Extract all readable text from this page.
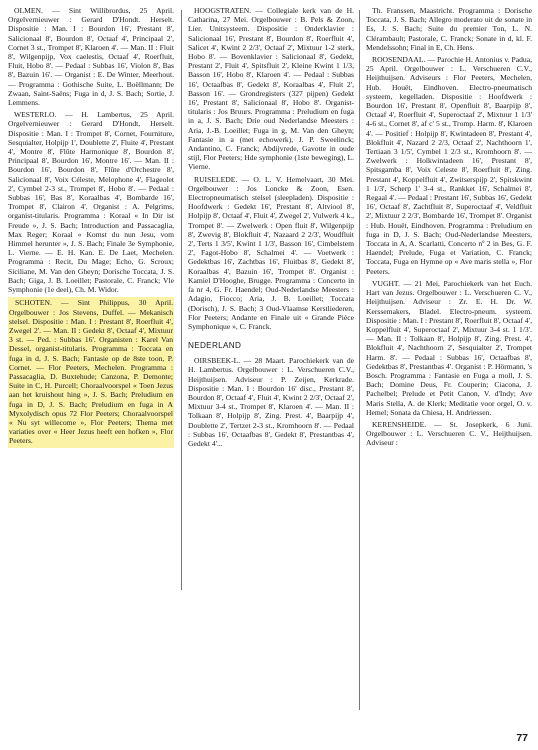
OLMEN. — Sint Willibrordus, 25 April. Orgelvernieuwer : Gerard D'Hondt. Herselt. Dispositie : Man. I : Bourdon 16', Prestant 8', Salicionaal 8', Bourdon 8', Octaaf 4', Principaal 2', Cornet 3 st., Trompet 8', Klaroen 4'. — Man. II : Fluit 8', Wilgenpijp, Vox caelestis, Octaaf 4', Roerfluit, Fluit, Hobo 8'. — Pedaal : Subbas 16', Violon 8', Bas 8', Bazuin 16'. — Organist : E. De Winter, Meerhout. — Programma : Gothische Suite, L. Boëllmann; De Zwaan, Saint-Saëns; Fuga in d, J. S. Bach; Sortie, J. Lemmens.
WESTERLO. — H. Lambertus, 25 April. Orgelvernieuwer : Gerard D'Hondt, Herselt. Dispositie : Man. I : Trompet 8', Cornet, Fourniture, Sesquialter, Holpijp 1', Doublette 2', Fluite 4', Prestant 4', Montre 8', Flûte Harmonique 8', Bourdon 8', Principaal 8', Bourdon 16', Montre 16'. — Man. II : Bourdon 16', Bourdon 8', Flûte d'Orchestre 8', Salicionaal 8', Voix Céleste, Melophone 4', Flageolet 2', Cymbel 2-3 st., Trompet 8', Hobo 8'. — Pedaal : Subbas 16', Bas 8', Koraalbas 4', Bombarde 16', Trompet 8', Clairon 4'. Organist : A. Pelgrims, organist-titularis. Programma : Koraal « In Dir ist Freude », J. S. Bach; Introduction and Passacaglia, Max Reger; Koraal « Komst du nun Jesu, vom Himmel herunter », J. S. Bach; Finale 3e Symphonie, L. Vierne. — E. H. Kan. E. De Laet, Mechelen. Programma : Recit, Du Mage; Echo, G. Scroux; Siciliane, M. Van den Gheyn; Dorische Toccata, J. S. Bach; Giga, J. B. Loeillet; Pastorale, C. Franck; Vle Symphonie (1e deel), Ch. M. Widor.
SCHOTEN. — Sint Philippus, 30 April. Orgelbouwer : Jos Stevens, Duffel. — Mekanisch stelsel. Dispositie : Man. I : Prestant 8', Roerfluit 4', Zwegel 2'. — Man. II : Gedekt 8', Octaaf 4', Mixtuur 3 st. — Ped. : Subbas 16'. Organisten : Karel Van Dessel, organist-titularis. Programma : Toccata en fuga in d, J. S. Bach; Fantasie op de 8ste toon, P. Cornet. — Flor Peeters, Mechelen. Programma : Passacaglia, D. Buxtehude; Canzona, P. Demonte; Suite in C, H. Purcell; Choraalvoorspel « Toen Jezus aan het kruishout hing », J. S. Bach; Preludium en fuga in D, J. S. Bach; Preludium en fuga in A Myxolydisch opus 72 Flor Peeters; Choraalvoorspel « Nu syt willecome », Flor Peeters; Thema met variaties over « Heer Jezus heeft een hofken », Flor Peeters.
HOOGSTRATEN. — Collegiale kerk van de H. Catharina, 27 Mei. Orgelbouwer : B. Pels & Zoon, Lier. Unitsysteem. Dispositie : Onderklavier : Salicionaal 16', Prestant 8', Bourdon 8', Roerfluit 4', Salicet 4', Kwint 2 2/3', Octaaf 2', Mixtuur 1-2 sterk, Hobo 8'. — Bovenklavier : Salicionaal 8', Gedekt, Prestant 2', Fluit 4', Spitsfluit 2', Kleine Kwint 1 1/3, Basson 16', Hobo 8', Klaroen 4'. — Pedaal : Subbas 16', Octaafbas 8', Gedekt 8', Koraalbas 4', Fluit 2', Basson 16'. — Grondregisters (327 pijpen) Gedekt 16', Prestant 8', Salicionaal 8', Hobo 8'. Organist-titularis : Jos Bruurs. Programma : Preludium en fuga in a, J. S. Bach; Drie oud Nederlandse Meesters : Aria, J.-B. Loeillet; Fuga in g, M. Van den Gheyn; Fantasie in a (met echowerk), J. P. Sweelinck; Andantino, C. Franck; Abdijvrede, Gavotte in oude stijl, Flor Peeters; Hde symphonie (1ste beweging), L. Vierne.
RUISELEDE. — O. L. V. Hemelvaart, 30 Mei. Orgelbouwer : Jos Loncke & Zoon, Esen. Electropneumatisch stelsel (sleepladen). Dispositie : Hoofdwerk : Gedekt 16', Prestant 8', Altviool 8', Holpijp 8', Octaaf 4', Fluit 4', Zwegel 2', Vulwerk 4 k., Trompet 8'. — Zwelwerk : Open fluit 8', Wilgenpijp 8', Zwevig 8', Blokfluit 4', Nazaard 2 2/3', Woudfluit 2', Terts 1 3/5', Kwint 1 1/3', Basson 16', Cimbelstem 2', Fagot-Hobo 8', Schalmei 4'. — Voetwerk : Gedektbas 16', Zachtbas 16', Fluitbas 8', Gedekt 8', Koraalbas 4', Bazuin 16', Trompet 8'. Organist : Kamiel D'Hooghe, Brugge. Programma : Concerto in fa nr 4, G. Fr. Haendel; Oud-Nederlandse Meesters : Adagio, Fiocco; Aria, J. B. Loeillet; Toccata (Dorisch), J. S. Bach; 3 Oud-Vlaamse Kerstliederen, Flor Peeters; Andante en Finale uit « Grande Pièce Symphonique », C. Franck.
NEDERLAND
OIRSBEEK-L. — 28 Maart. Parochiekerk van de H. Lambertus. Orgelbouwer : L. Verschueren C.V., Heijthuijsen. Adviseur : P. Zeijen, Kerkrade. Dispositie : Man. I : Bourdon 16' disc., Prestant 8', Bourdon 8', Octaaf 4', Fluit 4', Kwint 2 2/3', Octaaf 2', Mixtuur 3-4 st., Trompet 8', Klaroen 4'. — Man. II : Tolkaan 8', Holpijp 8', Zing. Prest. 4', Baarpijp 4', Doublette 2', Tertzet 2-3 st., Kromhoorn 8'. — Pedaal : Subbas 16', Octaafbas 8', Gedekt 8', Prestantbas 4', Gedekt 4'...
Th. Franssen, Maastricht. Programma : Dorische Toccata, J. S. Bach; Allegro moderato uit de sonate in Es, J. S. Bach; Suite du premier Ton, L. N. Clérambault; Pastorale, C. Franck; Sonate in d, kl. F. Mendelssohn; Final in E, Ch. Hens.
ROOSENDAAL. — Parochie H. Antonius v. Padua, 25 April. Orgelbouwer : L. Verschueren C.V., Heijthuijsen. Adviseurs : Flor Peeters, Mechelen, Hub. Houët, Eindhoven. Electro-pneumatisch systeem, kegelladen. Dispositie : Hoofdwerk : Bourdon 16', Prestant 8', Openfluit 8', Baarpijp 8', Octaaf 4', Roerfluit 4', Superoctaaf 2', Mixtuur 1 1/3' 4-6 st., Cornet 8', af c' 5 st., Tromp. Harm. 8', Klaroen 4'. — Positief : Holpijp 8', Kwintadeen 8', Prestant 4', Blokfluit 4', Nazard 2 2/3, Octaaf 2', Nachthoorn 1', Tertiaan 3 1/5', Cymbel 1 2/3 st., Kromhoorn 8'. — Zwelwerk : Holkwintadeen 16', Prestant 8', Spitsgamba 8', Voix Celeste 8', Roerfluit 8', Zing. Prestant 4', Koppelfluit 4', Zwitserspijp 2', Spitskwint 1 1/3', Scherp 1' 3-4 st., Rankket 16', Schalmei 8', Regaal 4'. — Pedaal : Prestant 16', Subbas 16', Gedekt 16', Octaaf 8', Zachtfluit 8', Superoctaaf 4', Veldfluit 2', Mixtuur 2 2/3', Bombarde 16', Trompet 8'. Organist : Hub. Houët, Eindhoven. Programma : Preludium en fuga in D, J. S. Bach; Oud-Nederlandse Meesters, Toccata in A, A. Scarlatti, Concerto nº 2 in Bes, G. F. Haendel; Prelude, Fuga et Variation, C. Franck; Toccata, Fuga en Hymne op « Ave maris stella », Flor Peeters.
VUGHT. — 21 Mei, Parochiekerk van het Euch. Hart van Jezus. Orgelbouwer : L. Verschueren C. V., Heijthuijsen. Adviseur : Zr. E. H. Dr. W. Kerssemakers, Bladel. Electro-pneum. systeem. Dispositie : Man. I : Prestant 8', Roerfluit 8', Octaaf 4', Koppelfluit 4', Superoctaaf 2', Mixtuur 3-4 st. 1 1/3'. — Man. II : Tolkaan 8', Holpijp 8', Zing. Prest. 4', Blokfluit 4', Nachthoorn 2', Sesquialter 2', Trompet Harm. 8'. — Pedaal : Subbas 16', Octaafbas 8', Gedektbas 8', Prestantbas 4'. Organist : P. Hörmann, 's Bosch. Programma : Fantasie en Fuga a moll, J. S. Bach; Domine Deus, Fr. Couperin; Ciacona, J. Pachelbel; Prelude et Petit Canon, V. d'Indy; Ave Maris Stella, A. de Klerk; Meditatie voor orgel, O. v. Hemel; Sonata da Chiesa, H. Andriessen.
KERENSHEIDE. — St. Josepkerk, 6 Juni. Orgelbouwer : L. Verschueren C. V., Heijthuijsen. Adviseur :
77
